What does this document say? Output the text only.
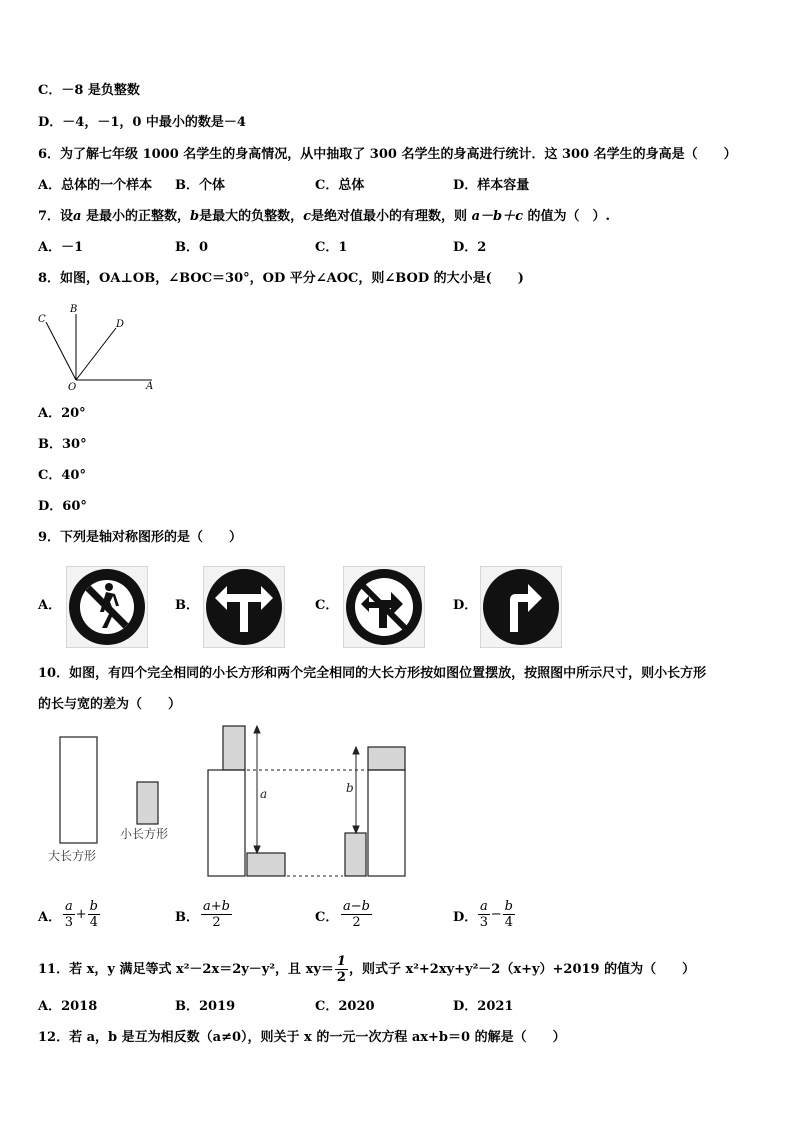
C．－8 是负整数
D．－4，－1，0 中最小的数是－4
6．为了解七年级 1000 名学生的身高情况，从中抽取了 300 名学生的身高进行统计．这 300 名学生的身高是（　　）
A．总体的一个样本 B．个体	C．总体	D．样本容量
7．设a 是最小的正整数，b是最大的负整数，c是绝对值最小的有理数，则 a－b＋c 的值为（　）.
A．－1	B．0	C．1	D．2
8．如图，OA⊥OB，∠BOC＝30°，OD 平分∠AOC，则∠BOD 的大小是(　　)
C
B
D
O	A
A．20°
B．30°
C．40°
D．60°
9．下列是轴对称图形的是（　　）
A．	B．	C．	D．
10．如图，有四个完全相同的小长方形和两个完全相同的大长方形按如图位置摆放，按照图中所示尺寸，则小长方形
的长与宽的差为（　　）
a	b
大长方形
小长方形
A． $\frac{a}{3} + \frac{b}{4}$	B． $\frac{a+b}{2}$	C． $\frac{a-b}{2}$	D． $\frac{a}{3} - \frac{b}{4}$
11．若 x，y 满足等式 x²－2x＝2y－y²，且 $xy= \frac{1}{2}$ ，则式子 x²+2xy+y²－2（x+y）+2019 的值为（　　）
A．2018	B．2019	C．2020	D．2021
12．若 a，b 是互为相反数（a≠0），则关于 x 的一元一次方程 ax+b＝0 的解是（　　）
